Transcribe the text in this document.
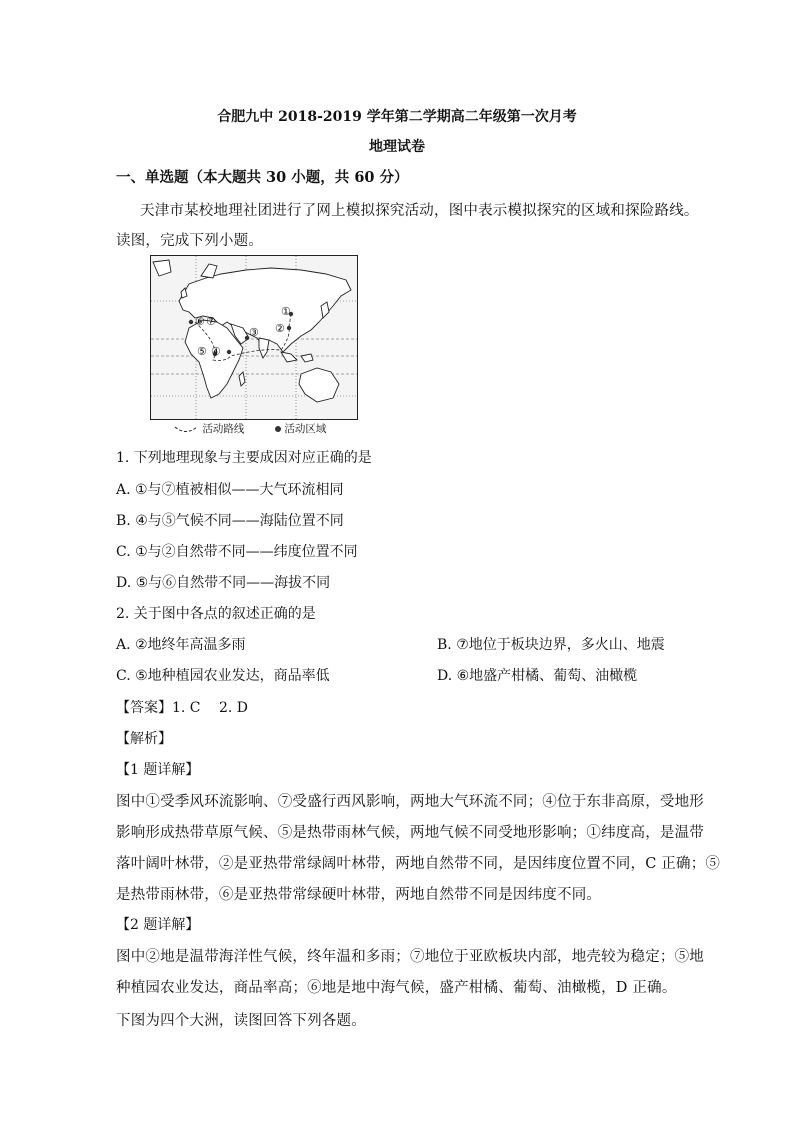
合肥九中 2018-2019 学年第二学期高二年级第一次月考
地理试卷
一、单选题（本大题共 30 小题，共 60 分）
天津市某校地理社团进行了网上模拟探究活动，图中表示模拟探究的区域和探险路线。
读图，完成下列小题。
①
②
③
④
⑤
⑥ ⑦
活动路线	活动区域
1. 下列地理现象与主要成因对应正确的是
A. ①与⑦植被相似——大气环流相同
B. ④与⑤气候不同——海陆位置不同
C. ①与②自然带不同——纬度位置不同
D. ⑤与⑥自然带不同——海拔不同
2. 关于图中各点的叙述正确的是
A. ②地终年高温多雨	B. ⑦地位于板块边界，多火山、地震
C. ⑤地种植园农业发达，商品率低	D. ⑥地盛产柑橘、葡萄、油橄榄
【答案】1. C　 2. D
【解析】
【1 题详解】
图中①受季风环流影响、⑦受盛行西风影响，两地大气环流不同；④位于东非高原，受地形
影响形成热带草原气候、⑤是热带雨林气候，两地气候不同受地形影响；①纬度高，是温带
落叶阔叶林带，②是亚热带常绿阔叶林带，两地自然带不同，是因纬度位置不同，C 正确；⑤
是热带雨林带，⑥是亚热带常绿硬叶林带，两地自然带不同是因纬度不同。
【2 题详解】
图中②地是温带海洋性气候，终年温和多雨；⑦地位于亚欧板块内部，地壳较为稳定；⑤地
种植园农业发达，商品率高；⑥地是地中海气候，盛产柑橘、葡萄、油橄榄，D 正确。
下图为四个大洲，读图回答下列各题。
